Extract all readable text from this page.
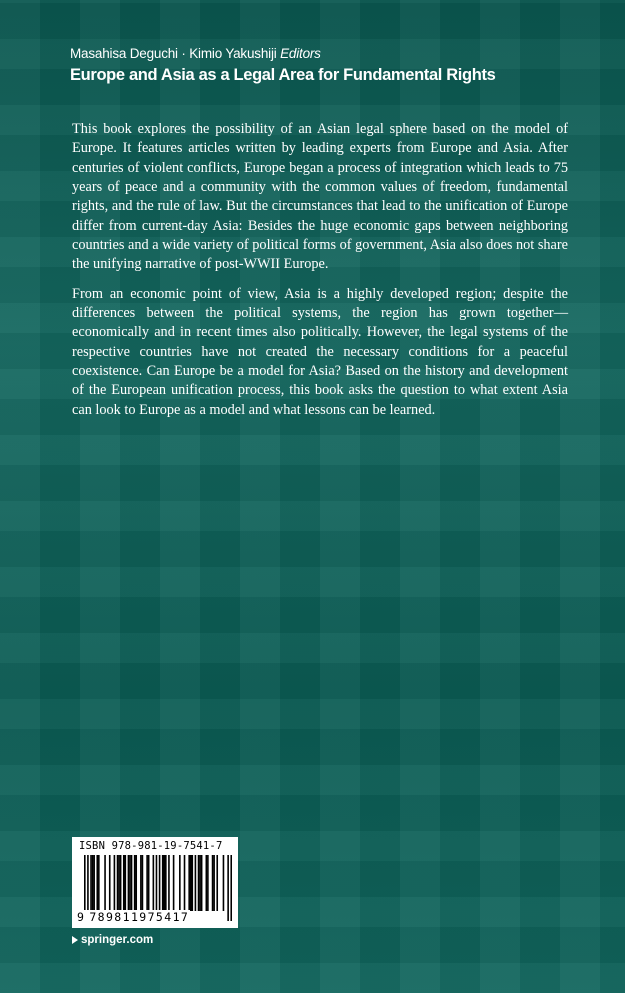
Masahisa Deguchi · Kimio Yakushiji Editors
Europe and Asia as a Legal Area for Fundamental Rights

This book explores the possibility of an Asian legal sphere based on the model of Europe. It features articles written by leading experts from Europe and Asia. After centuries of violent conflicts, Europe began a process of integration which leads to 75 years of peace and a community with the common values of freedom, fundamental rights, and the rule of law. But the circumstances that lead to the unification of Europe differ from current-day Asia: Besides the huge economic gaps between neighboring countries and a wide variety of political forms of government, Asia also does not share the unifying narrative of post-WWII Europe.

From an economic point of view, Asia is a highly developed region; despite the differences between the political systems, the region has grown together—economically and in recent times also politically. However, the legal systems of the respective countries have not created the necessary conditions for a peaceful coexistence. Can Europe be a model for Asia? Based on the history and development of the European unification process, this book asks the question to what extent Asia can look to Europe as a model and what lessons can be learned.

ISBN 978-981-19-7541-7
9 789811975417
springer.com
